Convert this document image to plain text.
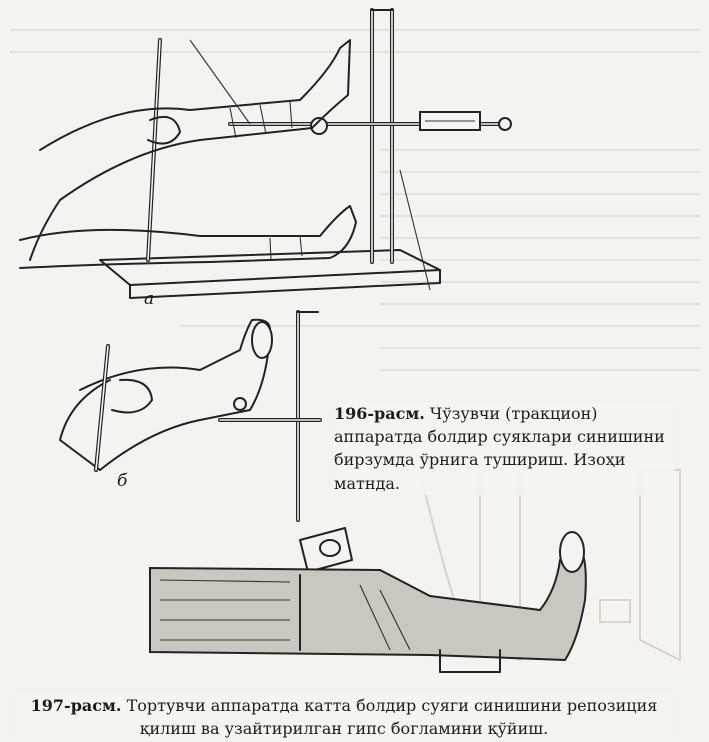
а
б
196-расм. Чўзувчи (тракцион) аппаратда болдир суяклари синишини бирзумда ўрнига тушириш. Изоҳи матнда.
197-расм. Тортувчи аппаратда катта болдир суяги синишини репозиция қилиш ва узайтирилган гипс богламини қўйиш.
